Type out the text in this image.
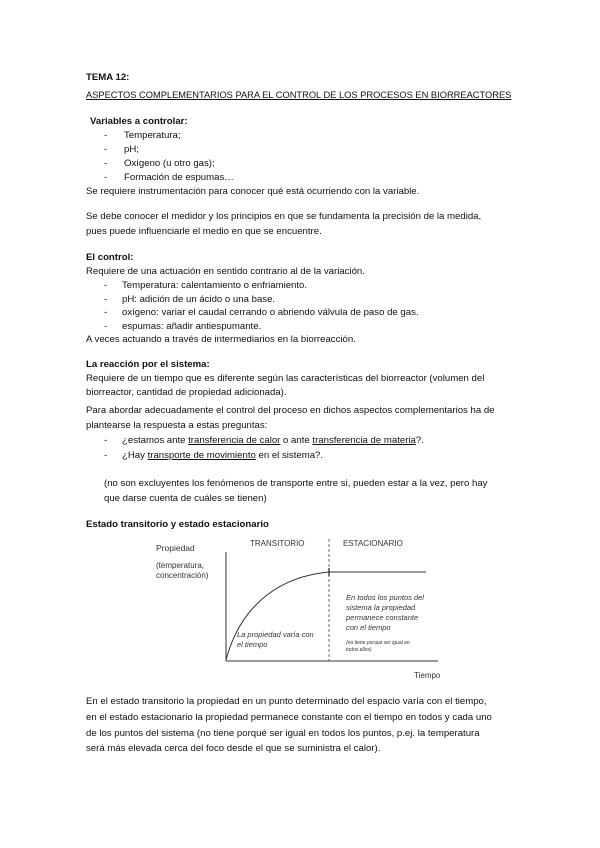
TEMA 12:
ASPECTOS COMPLEMENTARIOS PARA EL CONTROL DE LOS PROCESOS EN BIORREACTORES
Variables a controlar:
- Temperatura;
- pH;
- Oxígeno (u otro gas);
- Formación de espumas…
Se requiere instrumentación para conocer qué está ocurriendo con la variable.
Se debe conocer el medidor y los principios en que se fundamenta la precisión de la medida,
pues puede influenciarle el medio en que se encuentre.
El control:
Requiere de una actuación en sentido contrario al de la variación.
- Temperatura: calentamiento o enfriamiento.
- pH: adición de un ácido o una base.
- oxígeno: variar el caudal cerrando o abriendo válvula de paso de gas.
- espumas: añadir antiespumante.
A veces actuando a través de intermediarios en la biorreacción.
La reacción por el sistema:
Requiere de un tiempo que es diferente según las características del biorreactor (volumen del
biorreactor, cantidad de propiedad adicionada).
Para abordar adecuadamente el control del proceso en dichos aspectos complementarios ha de
plantearse la respuesta a estas preguntas:
- ¿estamos ante transferencia de calor o ante transferencia de materia?.
- ¿Hay transporte de movimiento en el sistema?.
(no son excluyentes los fenómenos de transporte entre si, pueden estar a la vez, pero hay
que darse cuenta de cuáles se tienen)
Estado transitorio y estado estacionario
Propiedad
(temperatura,
concentración)
TRANSITORIO	ESTACIONARIO
La propiedad varía con
el tiempo
En todos los puntos del
sistema la propiedad
permanece constante
con el tiempo
(no tiene porqué ser igual en
todos ellos)
Tiempo
En el estado transitorio la propiedad en un punto determinado del espacio varía con el tiempo,
en el estado estacionario la propiedad permanece constante con el tiempo en todos y cada uno
de los puntos del sistema (no tiene porqué ser igual en todos los puntos, p.ej. la temperatura
será más elevada cerca del foco desde el que se suministra el calor).
